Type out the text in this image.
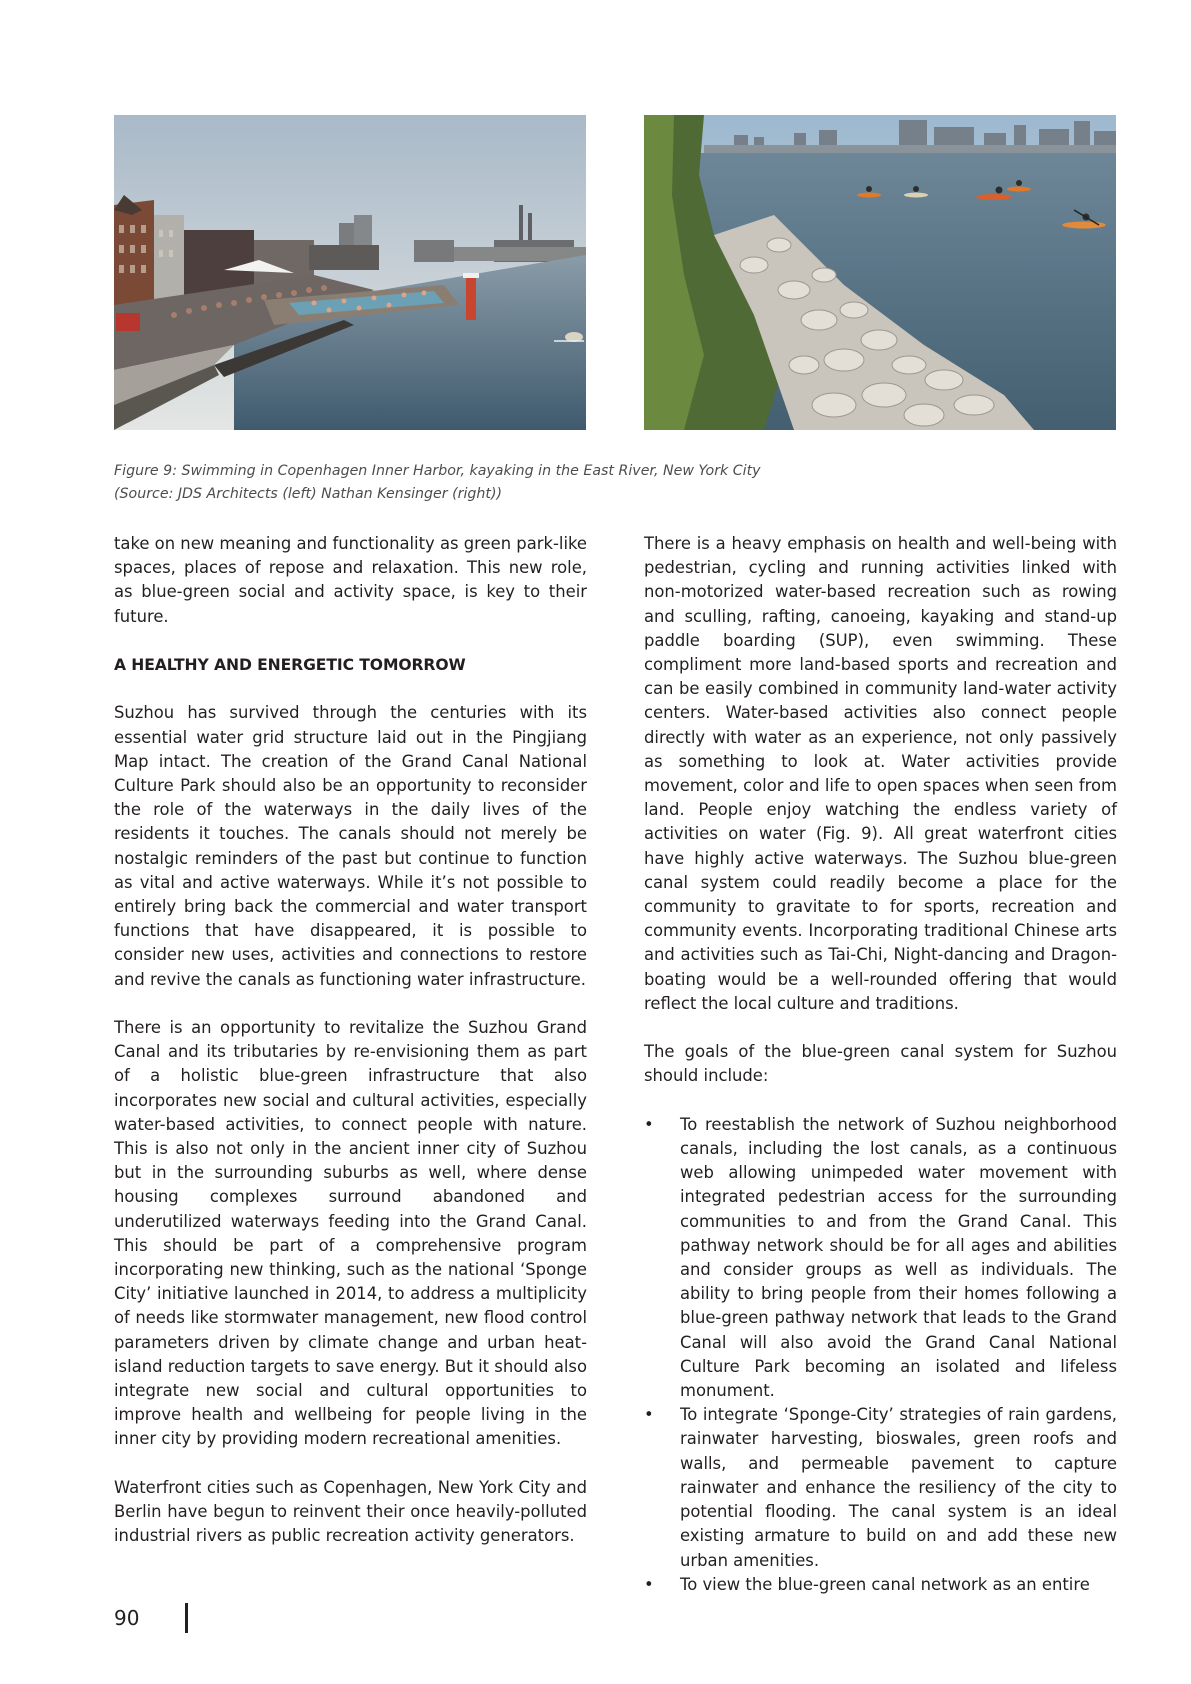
Figure 9: Swimming in Copenhagen Inner Harbor, kayaking in the East River, New York City
(Source: JDS Architects (left) Nathan Kensinger (right))

take on new meaning and functionality as green park-like spaces, places of repose and relaxation. This new role, as blue-green social and activity space, is key to their future.

A HEALTHY AND ENERGETIC TOMORROW

Suzhou has survived through the centuries with its essential water grid structure laid out in the Pingjiang Map intact. The creation of the Grand Canal National Culture Park should also be an opportunity to reconsider the role of the waterways in the daily lives of the residents it touches. The canals should not merely be nostalgic reminders of the past but continue to function as vital and active waterways. While it’s not possible to entirely bring back the commercial and water transport functions that have disappeared, it is possible to consider new uses, activities and connections to restore and revive the canals as functioning water infrastructure.

There is an opportunity to revitalize the Suzhou Grand Canal and its tributaries by re-envisioning them as part of a holistic blue-green infrastructure that also incorporates new social and cultural activities, especially water-based activities, to connect people with nature. This is also not only in the ancient inner city of Suzhou but in the surrounding suburbs as well, where dense housing complexes surround abandoned and underutilized waterways feeding into the Grand Canal. This should be part of a comprehensive program incorporating new thinking, such as the national ‘Sponge City’ initiative launched in 2014, to address a multiplicity of needs like stormwater management, new flood control parameters driven by climate change and urban heat-island reduction targets to save energy. But it should also integrate new social and cultural opportunities to improve health and wellbeing for people living in the inner city by providing modern recreational amenities.

Waterfront cities such as Copenhagen, New York City and Berlin have begun to reinvent their once heavily-polluted industrial rivers as public recreation activity generators.

There is a heavy emphasis on health and well-being with pedestrian, cycling and running activities linked with non-motorized water-based recreation such as rowing and sculling, rafting, canoeing, kayaking and stand-up paddle boarding (SUP), even swimming. These compliment more land-based sports and recreation and can be easily combined in community land-water activity centers. Water-based activities also connect people directly with water as an experience, not only passively as something to look at. Water activities provide movement, color and life to open spaces when seen from land. People enjoy watching the endless variety of activities on water (Fig. 9). All great waterfront cities have highly active waterways. The Suzhou blue-green canal system could readily become a place for the community to gravitate to for sports, recreation and community events. Incorporating traditional Chinese arts and activities such as Tai-Chi, Night-dancing and Dragon-boating would be a well-rounded offering that would reflect the local culture and traditions.

The goals of the blue-green canal system for Suzhou should include:

• To reestablish the network of Suzhou neighborhood canals, including the lost canals, as a continuous web allowing unimpeded water movement with integrated pedestrian access for the surrounding communities to and from the Grand Canal. This pathway network should be for all ages and abilities and consider groups as well as individuals. The ability to bring people from their homes following a blue-green pathway network that leads to the Grand Canal will also avoid the Grand Canal National Culture Park becoming an isolated and lifeless monument.
• To integrate ‘Sponge-City’ strategies of rain gardens, rainwater harvesting, bioswales, green roofs and walls, and permeable pavement to capture rainwater and enhance the resiliency of the city to potential flooding. The canal system is an ideal existing armature to build on and add these new urban amenities.
• To view the blue-green canal network as an entire
90
